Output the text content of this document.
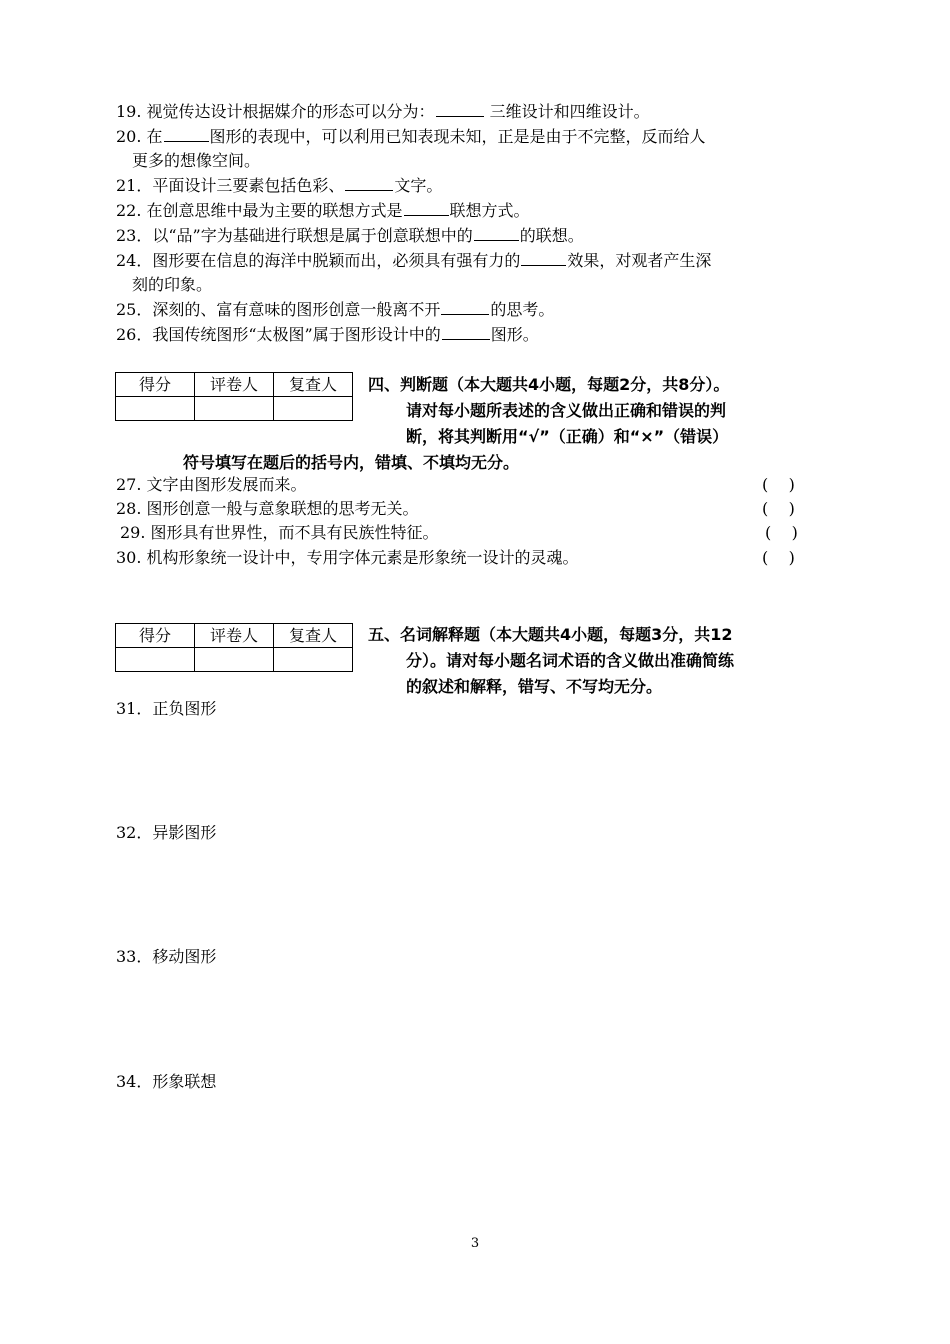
19. 视觉传达设计根据媒介的形态可以分为：	三维设计和四维设计。
20. 在	图形的表现中，可以利用已知表现未知，正是是由于不完整，反而给人
更多的想像空间。
21．平面设计三要素包括色彩、	文字。
22. 在创意思维中最为主要的联想方式是	联想方式。
23．以“品”字为基础进行联想是属于创意联想中的	的联想。
24．图形要在信息的海洋中脱颖而出，必须具有强有力的	效果，对观者产生深
刻的印象。
25．深刻的、富有意味的图形创意一般离不开	的思考。
26．我国传统图形“太极图”属于图形设计中的	图形。
得分	评卷人	复查人
		四、判断题（本大题共4小题，每题2分，共8分）。
请对每小题所表述的含义做出正确和错误的判
断，将其判断用“√”（正确）和“×”（错误）
符号填写在题后的括号内，错填、不填均无分。
27. 文字由图形发展而来。	(    )
28. 图形创意一般与意象联想的思考无关。	(    )
29. 图形具有世界性，而不具有民族性特征。	(    )
30. 机构形象统一设计中，专用字体元素是形象统一设计的灵魂。	(    )
得分	评卷人	复查人
		五、名词解释题（本大题共4小题，每题3分，共12
分）。请对每小题名词术语的含义做出准确简练
的叙述和解释，错写、不写均无分。
31．正负图形
32．异影图形
33．移动图形
34．形象联想
3
